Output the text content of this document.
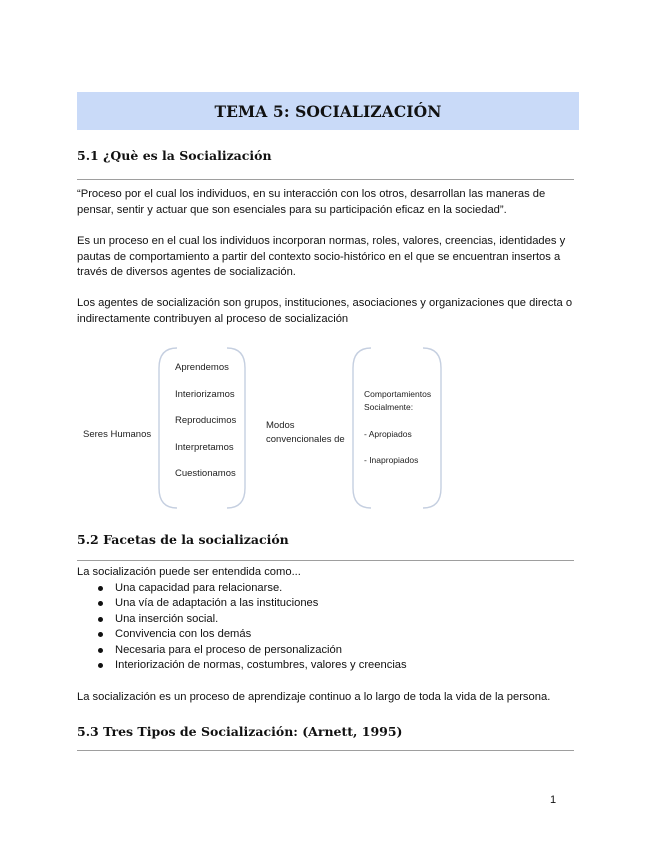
TEMA 5: SOCIALIZACIÓN
5.1 ¿Què es la Socialización

“Proceso por el cual los individuos, en su interacción con los otros, desarrollan las maneras de pensar, sentir y actuar que son esenciales para su participación eficaz en la sociedad”.

Es un proceso en el cual los individuos incorporan normas, roles, valores, creencias, identidades y pautas de comportamiento a partir del contexto socio-histórico en el que se encuentran insertos a través de diversos agentes de socialización.

Los agentes de socialización son grupos, instituciones, asociaciones y organizaciones que directa o indirectamente contribuyen al proceso de socialización

Seres Humanos
Aprendemos
Interiorizamos
Reproducimos
Interpretamos
Cuestionamos
Modos
convencionales de
Comportamientos
Socialmente:
- Apropiados
- Inapropiados
5.2 Facetas de la socialización
La socialización puede ser entendida como...
Una capacidad para relacionarse.
Una vía de adaptación a las instituciones
Una inserción social.
Convivencia con los demás
Necesaria para el proceso de personalización
Interiorización de normas, costumbres, valores y creencias

La socialización es un proceso de aprendizaje continuo a lo largo de toda la vida de la persona.

5.3 Tres Tipos de Socialización: (Arnett, 1995)
1
